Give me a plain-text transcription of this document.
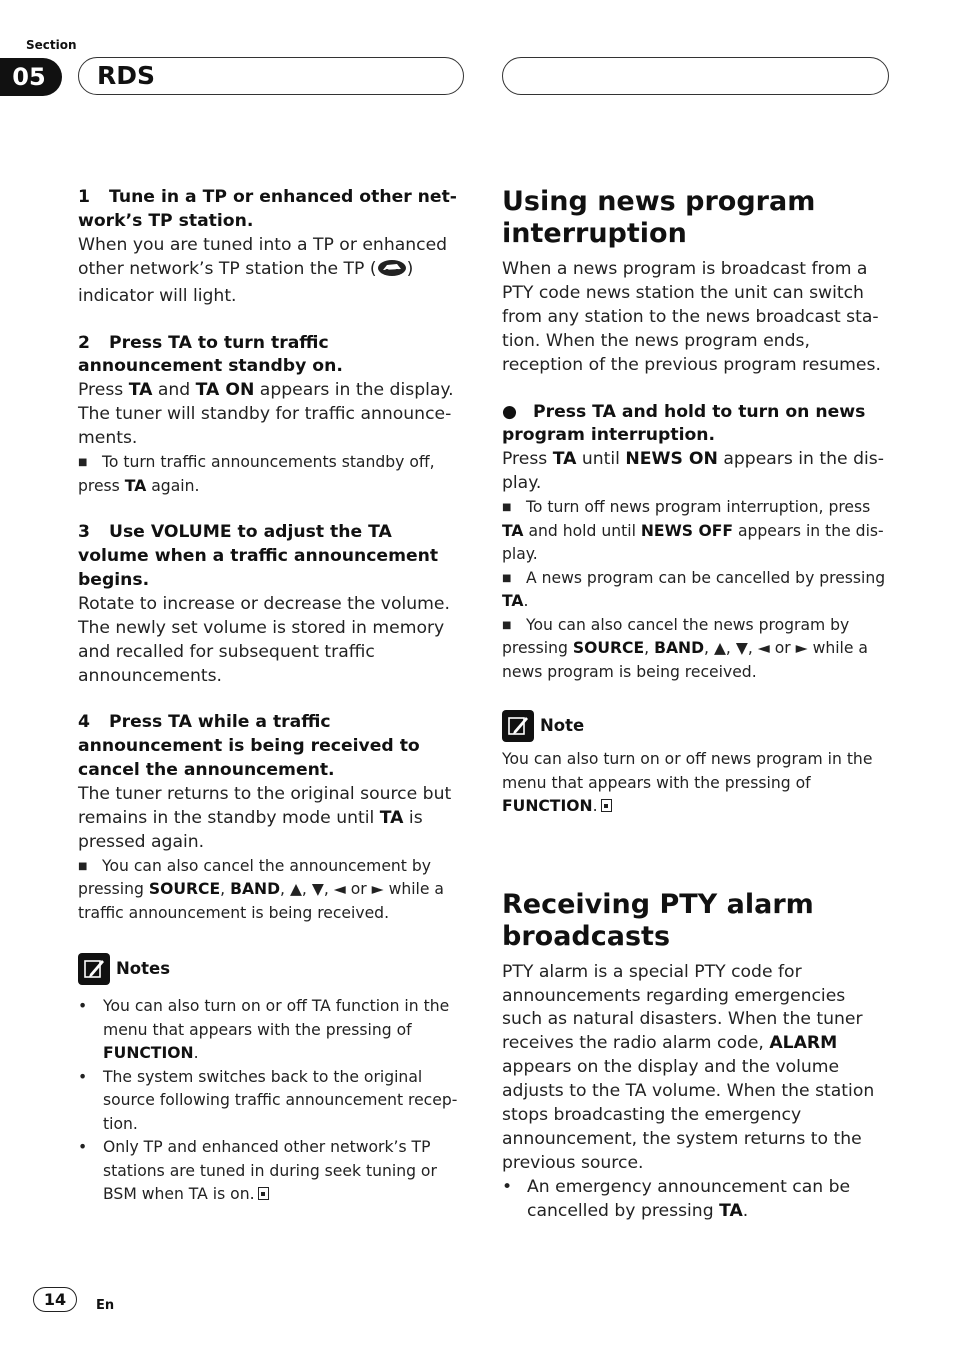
Section
05	RDS

1 Tune in a TP or enhanced other network’s TP station.

When you are tuned into a TP or enhanced other network’s TP station the TP ( ) indicator will light.

2 Press TA to turn traffic announcement standby on.

Press TA and TA ON appears in the display. The tuner will standby for traffic announcements.

■ To turn traffic announcements standby off, press TA again.

3 Use VOLUME to adjust the TA volume when a traffic announcement begins.

Rotate to increase or decrease the volume. The newly set volume is stored in memory and recalled for subsequent traffic announcements.

4 Press TA while a traffic announcement is being received to cancel the announcement.

The tuner returns to the original source but remains in the standby mode until TA is pressed again.

■ You can also cancel the announcement by pressing SOURCE, BAND, ▲, ▼, ◄ or ► while a traffic announcement is being received.

Notes
•	You can also turn on or off TA function in the menu that appears with the pressing of FUNCTION.
•	The system switches back to the original source following traffic announcement reception.
•	Only TP and enhanced other network’s TP stations are tuned in during seek tuning or BSM when TA is on.
Using news program interruption

When a news program is broadcast from a PTY code news station the unit can switch from any station to the news broadcast station. When the news program ends, reception of the previous program resumes.

● Press TA and hold to turn on news program interruption.

Press TA until NEWS ON appears in the display.

■ To turn off news program interruption, press TA and hold until NEWS OFF appears in the display.

■ A news program can be cancelled by pressing TA.

■ You can also cancel the news program by pressing SOURCE, BAND, ▲, ▼, ◄ or ► while a news program is being received.

Note

You can also turn on or off news program in the menu that appears with the pressing of FUNCTION.

Receiving PTY alarm broadcasts

PTY alarm is a special PTY code for announcements regarding emergencies such as natural disasters. When the tuner receives the radio alarm code, ALARM appears on the display and the volume adjusts to the TA volume. When the station stops broadcasting the emergency announcement, the system returns to the previous source.

• An emergency announcement can be cancelled by pressing TA.
14	En
